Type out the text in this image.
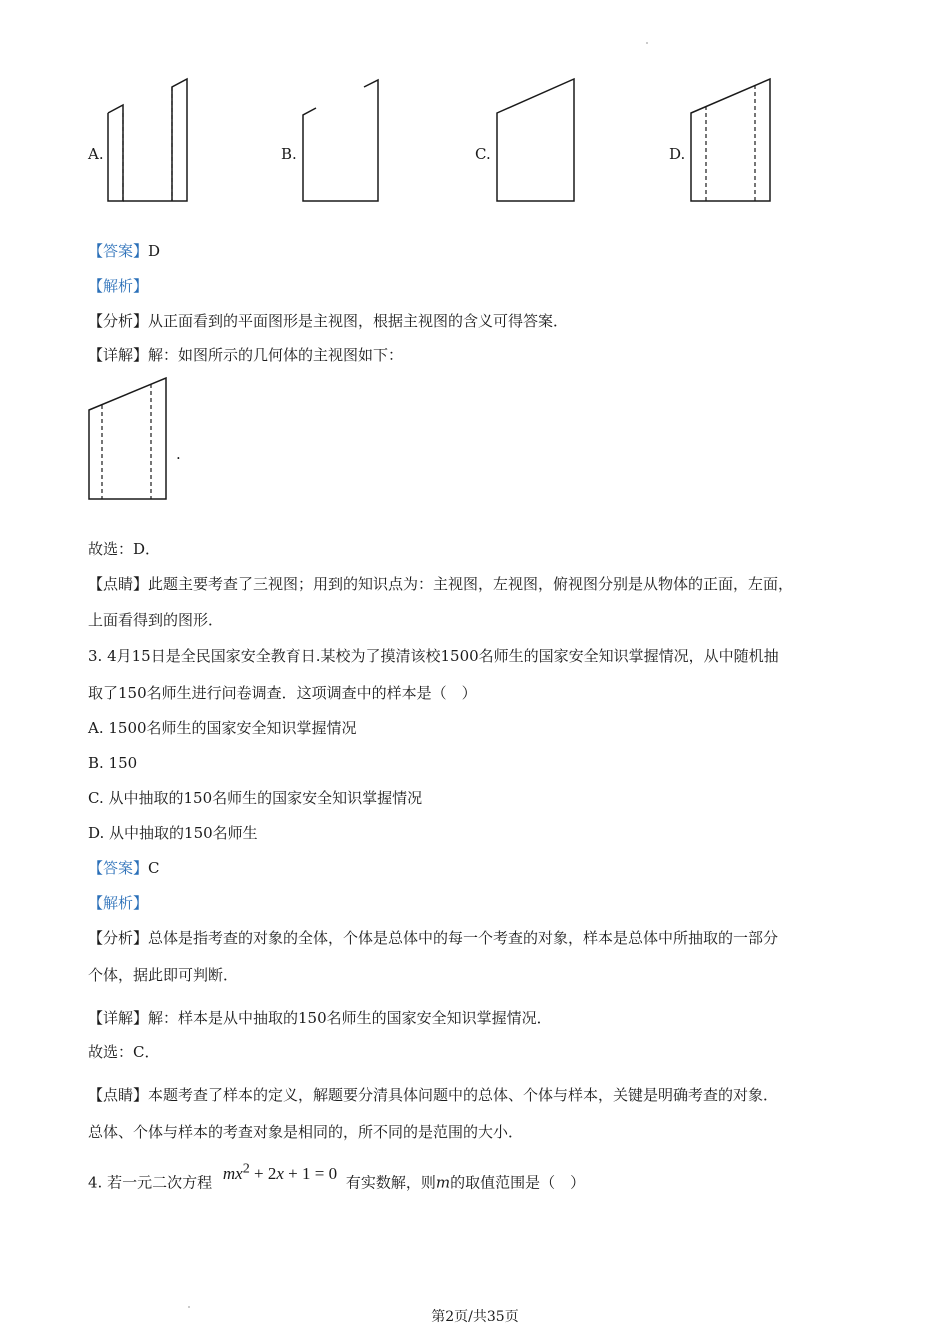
A.	B.	C.	D.
【答案】D
【解析】
【分析】从正面看到的平面图形是主视图，根据主视图的含义可得答案．
【详解】解：如图所示的几何体的主视图如下：
.
故选：D．
【点睛】此题主要考查了三视图；用到的知识点为：主视图，左视图，俯视图分别是从物体的正面，左面，
上面看得到的图形．
3. 4月15日是全民国家安全教育日.某校为了摸清该校1500名师生的国家安全知识掌握情况，从中随机抽
取了150名师生进行问卷调查．这项调查中的样本是（　）
A. 1500名师生的国家安全知识掌握情况
B. 150
C. 从中抽取的150名师生的国家安全知识掌握情况
D. 从中抽取的150名师生
【答案】C
【解析】
【分析】总体是指考查的对象的全体，个体是总体中的每一个考查的对象，样本是总体中所抽取的一部分
个体，据此即可判断．
【详解】解：样本是从中抽取的150名师生的国家安全知识掌握情况．
故选：C．
【点睛】本题考查了样本的定义，解题要分清具体问题中的总体、个体与样本，关键是明确考查的对象．
总体、个体与样本的考查对象是相同的，所不同的是范围的大小．
4. 若一元二次方程 $mx^2 + 2x + 1 = 0$ 有实数解，则m的取值范围是（　）
第2页/共35页
